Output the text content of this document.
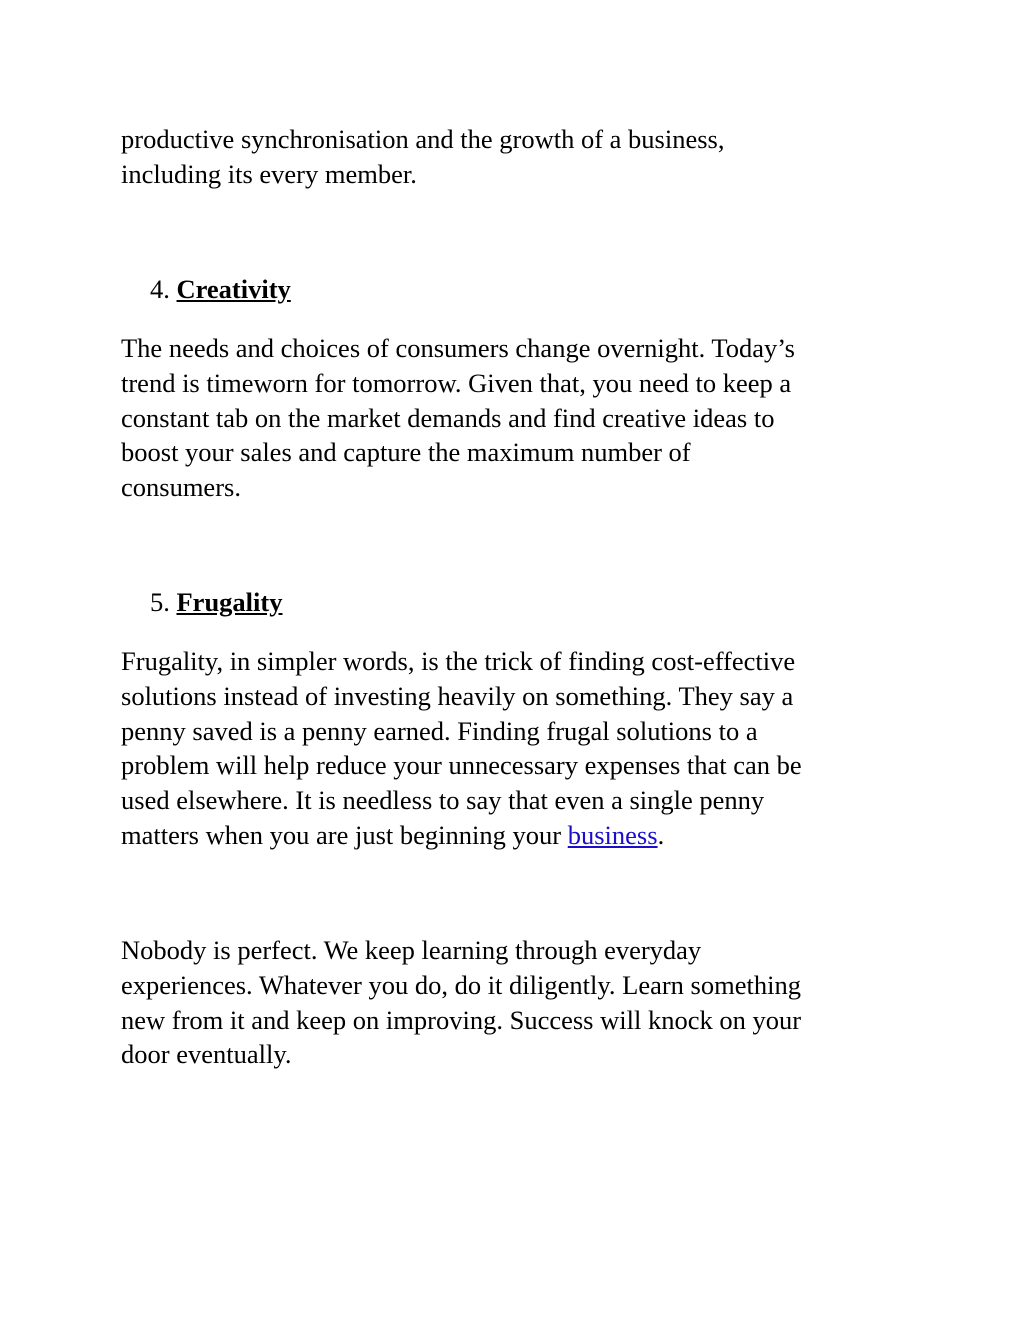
productive synchronisation and the growth of a business,
including its every member.

4. Creativity

The needs and choices of consumers change overnight. Today’s
trend is timeworn for tomorrow. Given that, you need to keep a
constant tab on the market demands and find creative ideas to
boost your sales and capture the maximum number of
consumers.

5. Frugality

Frugality, in simpler words, is the trick of finding cost-effective
solutions instead of investing heavily on something. They say a
penny saved is a penny earned. Finding frugal solutions to a
problem will help reduce your unnecessary expenses that can be
used elsewhere. It is needless to say that even a single penny
matters when you are just beginning your business.

Nobody is perfect. We keep learning through everyday
experiences. Whatever you do, do it diligently. Learn something
new from it and keep on improving. Success will knock on your
door eventually.
